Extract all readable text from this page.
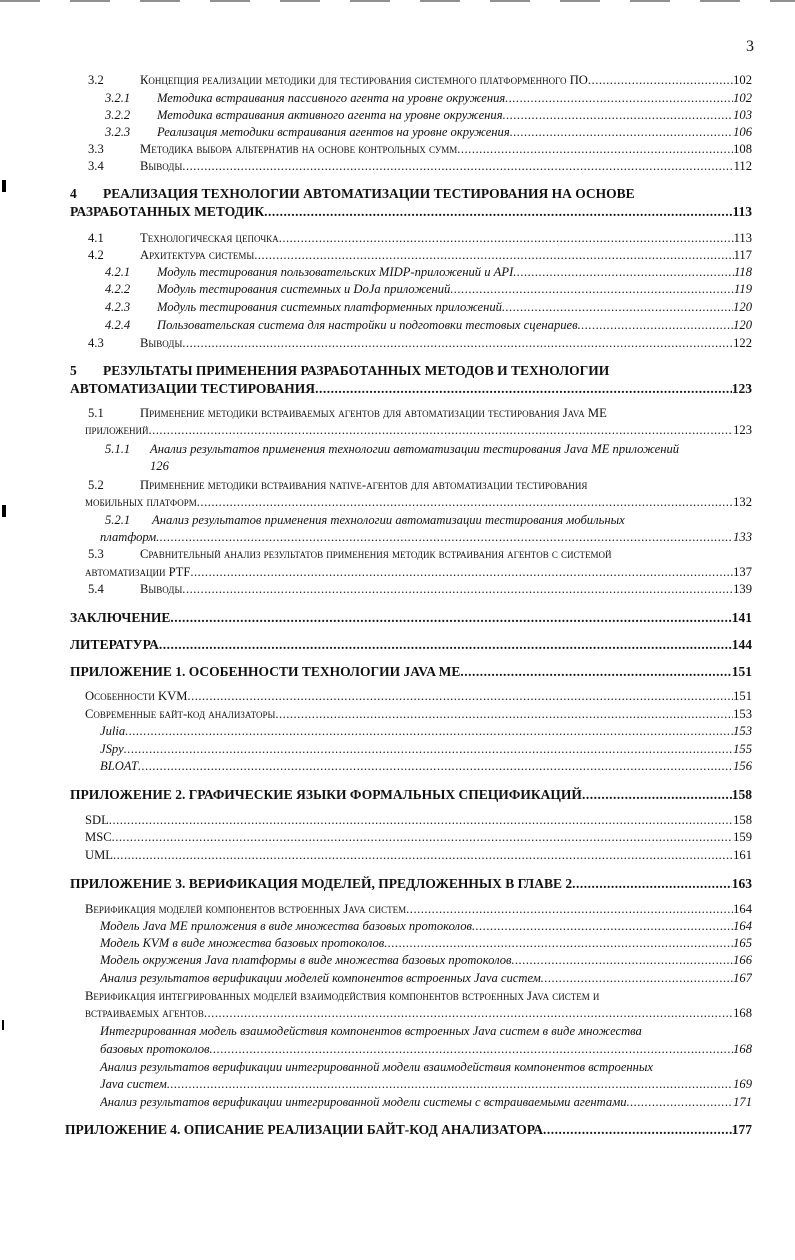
3
3.2	Концепция реализации методики для тестирования системного платформенного ПО .....	102
3.2.1 Методика встраивания пассивного агента на уровне окружения .....	102
3.2.2 Методика встраивания активного агента на уровне окружения .....	103
3.2.3 Реализация методики встраивания агентов на уровне окружения .....	106
3.3	Методика выбора альтернатив на основе контрольных сумм .....	108
3.4	Выводы .....	112
4 РЕАЛИЗАЦИЯ ТЕХНОЛОГИИ АВТОМАТИЗАЦИИ ТЕСТИРОВАНИЯ НА ОСНОВЕ
РАЗРАБОТАННЫХ МЕТОДИК .....	113
4.1	Технологическая цепочка .....	113
4.2	Архитектура системы .....	117
4.2.1 Модуль тестирования пользовательских MIDP-приложений и API .....	118
4.2.2 Модуль тестирования системных и DoJa приложений .....	119
4.2.3 Модуль тестирования системных платформенных приложений .....	120
4.2.4 Пользовательская система для настройки и подготовки тестовых сценариев .....	120
4.3	Выводы .....	122
5 РЕЗУЛЬТАТЫ ПРИМЕНЕНИЯ РАЗРАБОТАННЫХ МЕТОДОВ И ТЕХНОЛОГИИ
АВТОМАТИЗАЦИИ ТЕСТИРОВАНИЯ .....	123
5.1	Применение методики встраиваемых агентов для автоматизации тестирования Java ME
приложений .....	123
5.1.1 Анализ результатов применения технологии автоматизации тестирования Java ME приложений
126
5.2	Применение методики встраивания native-агентов для автоматизации тестирования
мобильных платформ .....	132
5.2.1 Анализ результатов применения технологии автоматизации тестирования мобильных
платформ .....	133
5.3	Сравнительный анализ результатов применения методик встраивания агентов с системой
автоматизации PTF .....	137
5.4	Выводы .....	139
ЗАКЛЮЧЕНИЕ .....	141
ЛИТЕРАТУРА .....	144
ПРИЛОЖЕНИЕ 1. ОСОБЕННОСТИ ТЕХНОЛОГИИ JAVA ME .....	151
Особенности KVM .....	151
Современные байт-код анализаторы .....	153
Julia .....	153
JSpy .....	155
BLOAT .....	156
ПРИЛОЖЕНИЕ 2. ГРАФИЧЕСКИЕ ЯЗЫКИ ФОРМАЛЬНЫХ СПЕЦИФИКАЦИЙ .....	158
SDL .....	158
MSC .....	159
UML .....	161
ПРИЛОЖЕНИЕ 3. ВЕРИФИКАЦИЯ МОДЕЛЕЙ, ПРЕДЛОЖЕННЫХ В ГЛАВЕ 2 .....	163
Верификация моделей компонентов встроенных Java систем .....	164
Модель Java ME приложения в виде множества базовых протоколов .....	164
Модель KVM в виде множества базовых протоколов .....	165
Модель окружения Java платформы в виде множества базовых протоколов .....	166
Анализ результатов верификации моделей компонентов встроенных Java систем .....	167
Верификация интегрированных моделей взаимодействия компонентов встроенных Java систем и
встраиваемых агентов .....	168
Интегрированная модель взаимодействия компонентов встроенных Java систем в виде множества
базовых протоколов .....	168
Анализ результатов верификации интегрированной модели взаимодействия компонентов встроенных
Java систем .....	169
Анализ результатов верификации интегрированной модели системы с встраиваемыми агентами .....	171
ПРИЛОЖЕНИЕ 4. ОПИСАНИЕ РЕАЛИЗАЦИИ БАЙТ-КОД АНАЛИЗАТОРА .....	177
